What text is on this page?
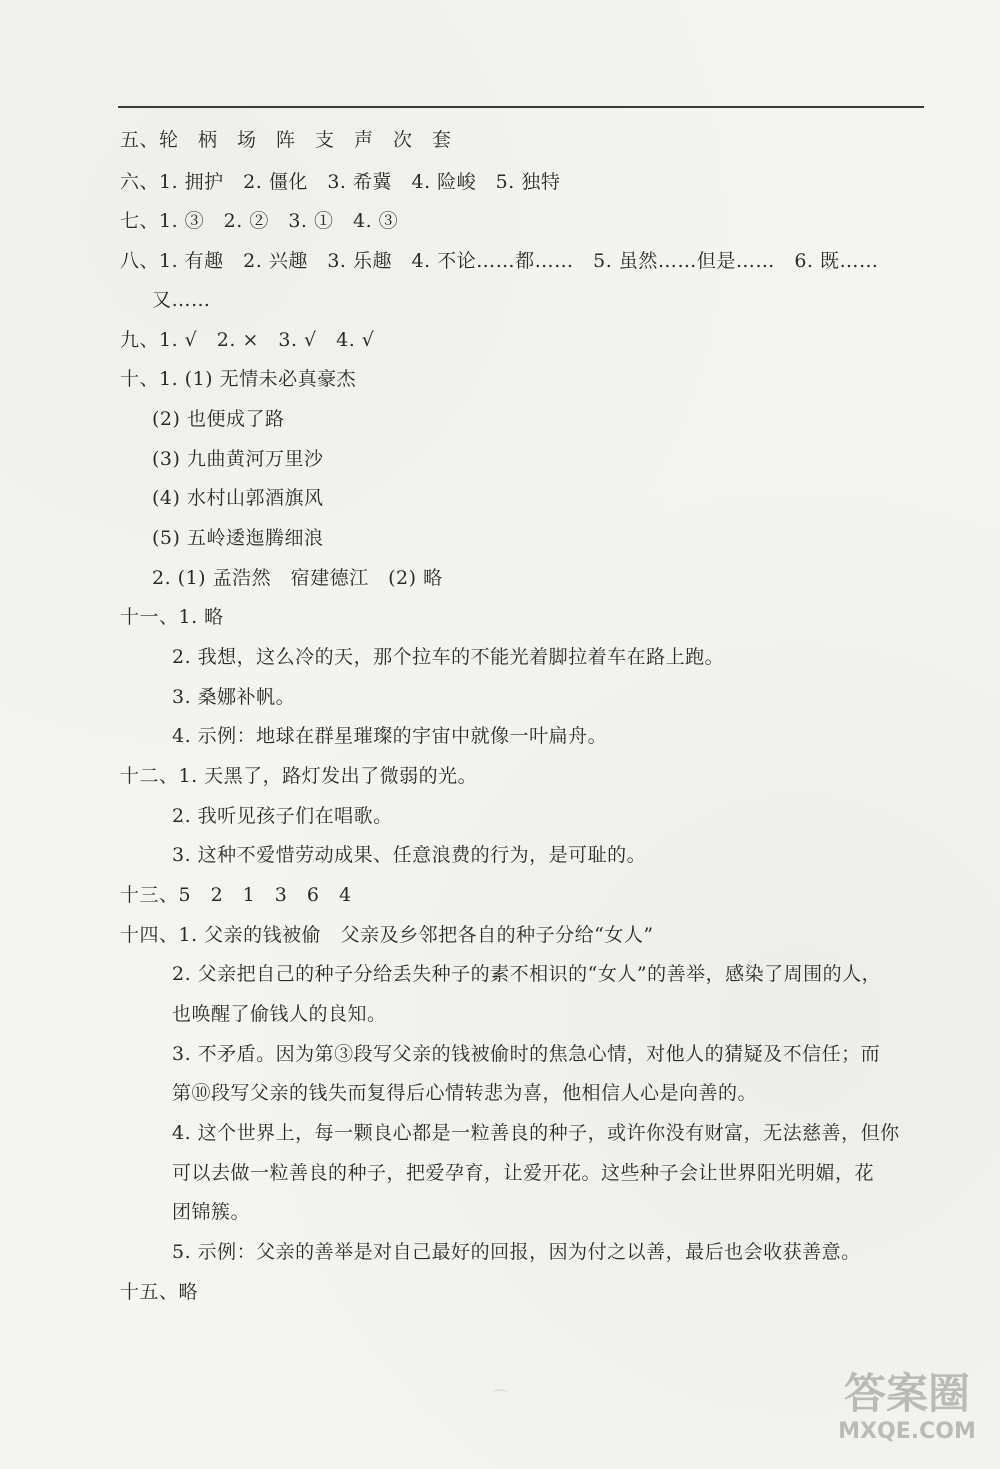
五、轮　柄　场　阵　支　声　次　套
六、1. 拥护　2. 僵化　3. 希冀　4. 险峻　5. 独特
七、1. ③　2. ②　3. ①　4. ③
八、1. 有趣　2. 兴趣　3. 乐趣　4. 不论……都……　5. 虽然……但是……　6. 既……
又……
九、1. √　2. ×　3. √　4. √
十、1. (1) 无情未必真豪杰
(2) 也便成了路
(3) 九曲黄河万里沙
(4) 水村山郭酒旗风
(5) 五岭逶迤腾细浪
2. (1) 孟浩然　宿建德江　(2) 略
十一、1. 略
2. 我想，这么冷的天，那个拉车的不能光着脚拉着车在路上跑。
3. 桑娜补帆。
4. 示例：地球在群星璀璨的宇宙中就像一叶扁舟。
十二、1. 天黑了，路灯发出了微弱的光。
2. 我听见孩子们在唱歌。
3. 这种不爱惜劳动成果、任意浪费的行为，是可耻的。
十三、5　2　1　3　6　4
十四、1. 父亲的钱被偷　父亲及乡邻把各自的种子分给“女人”
2. 父亲把自己的种子分给丢失种子的素不相识的“女人”的善举，感染了周围的人，
也唤醒了偷钱人的良知。
3. 不矛盾。因为第③段写父亲的钱被偷时的焦急心情，对他人的猜疑及不信任；而
第⑩段写父亲的钱失而复得后心情转悲为喜，他相信人心是向善的。
4. 这个世界上，每一颗良心都是一粒善良的种子，或许你没有财富，无法慈善，但你
可以去做一粒善良的种子，把爱孕育，让爱开花。这些种子会让世界阳光明媚，花
团锦簇。
5. 示例：父亲的善举是对自己最好的回报，因为付之以善，最后也会收获善意。
十五、略
⌒	答案圈
MXQE.COM
